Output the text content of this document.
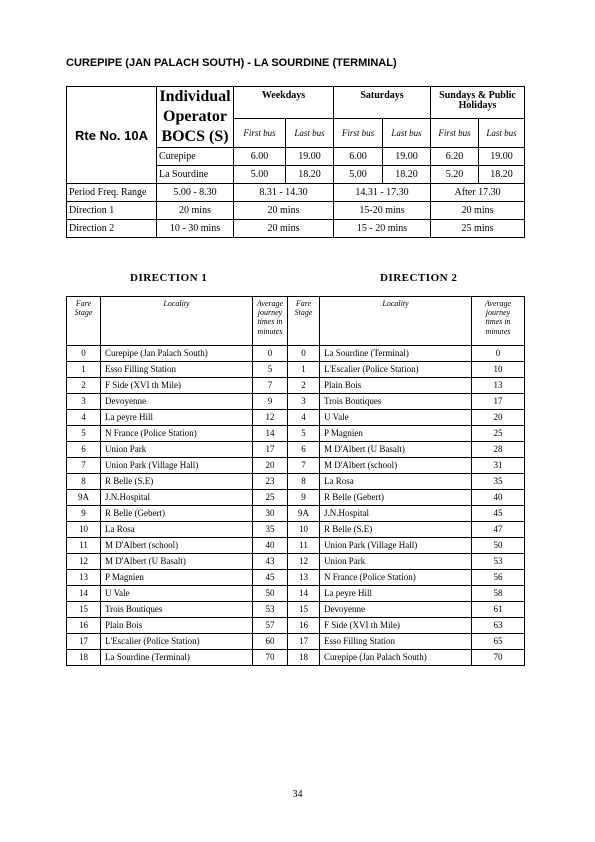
CUREPIPE (JAN PALACH SOUTH) - LA SOURDINE (TERMINAL)
Rte No. 10A	Individual
Operator
BOCS (S)	Weekdays		Saturdays		Sundays & Public Holidays	
		First bus	Last bus	First bus	Last bus	First bus	Last bus
	Curepipe	6.00	19.00	6.00	19.00	6.20	19.00
	La Sourdine	5.00	18.20	5.00	18.20	5.20	18.20
Period Freq. Range	5.00 - 8.30	8.31 - 14.30		14.31 - 17.30		After 17.30	
Direction 1	20 mins	20 mins		15-20 mins		20 mins	
Direction 2	10 - 30 mins	20 mins		15 - 20 mins		25 mins	
DIRECTION 1	DIRECTION 2
Fare
Stage	Locality	Average
journey
times in
minutes	Fare
Stage	Locality	Average
journey
times in
minutes
0	Curepipe (Jan Palach South)	0	0	La Sourdine (Terminal)	0
1	Esso Filling Station	5	1	L'Escalier (Police Station)	10
2	F Side (XVI th Mile)	7	2	Plain Bois	13
3	Devoyenne	9	3	Trois Boutiques	17
4	La peyre Hill	12	4	U Vale	20
5	N France (Police Station)	14	5	P Magnien	25
6	Union Park	17	6	M D'Albert (U Basalt)	28
7	Union Park (Village Hall)	20	7	M D'Albert (school)	31
8	R Belle (S.E)	23	8	La Rosa	35
9A	J.N.Hospital	25	9	R Belle (Gebert)	40
9	R Belle (Gebert)	30	9A	J.N.Hospital	45
10	La Rosa	35	10	R Belle (S.E)	47
11	M D'Albert (school)	40	11	Union Park (Village Hall)	50
12	M D'Albert (U Basalt)	43	12	Union Park	53
13	P Magnien	45	13	N France (Police Station)	56
14	U Vale	50	14	La peyre Hill	58
15	Trois Boutiques	53	15	Devoyenne	61
16	Plain Bois	57	16	F Side (XVI th Mile)	63
17	L'Escalier (Police Station)	60	17	Esso Filling Station	65
18	La Sourdine (Terminal)	70	18	Curepipe (Jan Palach South)	70
34
